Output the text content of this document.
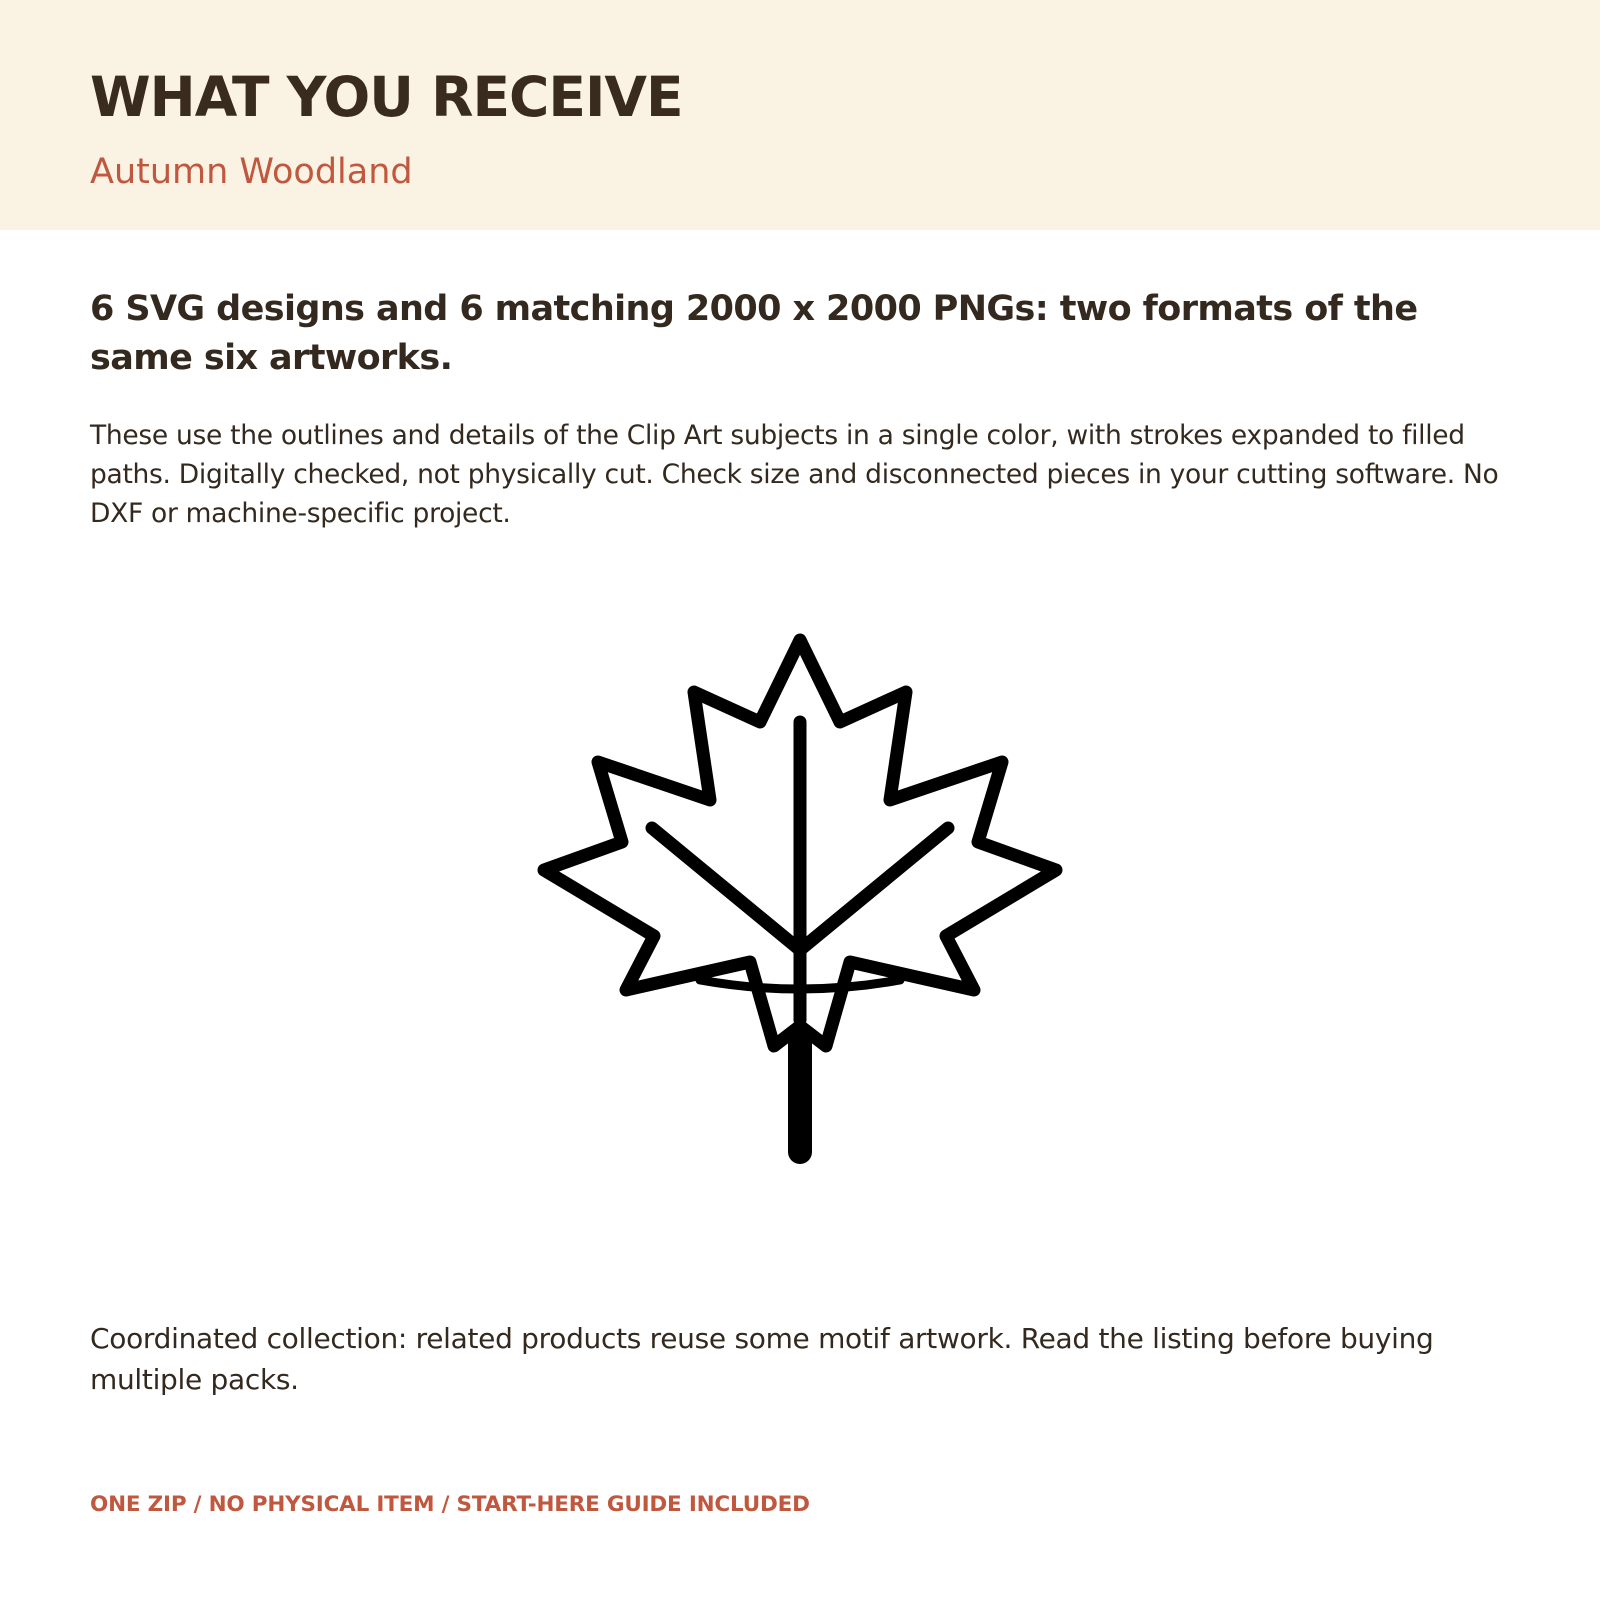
WHAT YOU RECEIVE
Autumn Woodland
6 SVG designs and 6 matching 2000 x 2000 PNGs: two formats of the same six artworks.

These use the outlines and details of the Clip Art subjects in a single color, with strokes expanded to filled paths. Digitally checked, not physically cut. Check size and disconnected pieces in your cutting software. No DXF or machine-specific project.

Coordinated collection: related products reuse some motif artwork. Read the listing before buying multiple packs.

ONE ZIP / NO PHYSICAL ITEM / START-HERE GUIDE INCLUDED
